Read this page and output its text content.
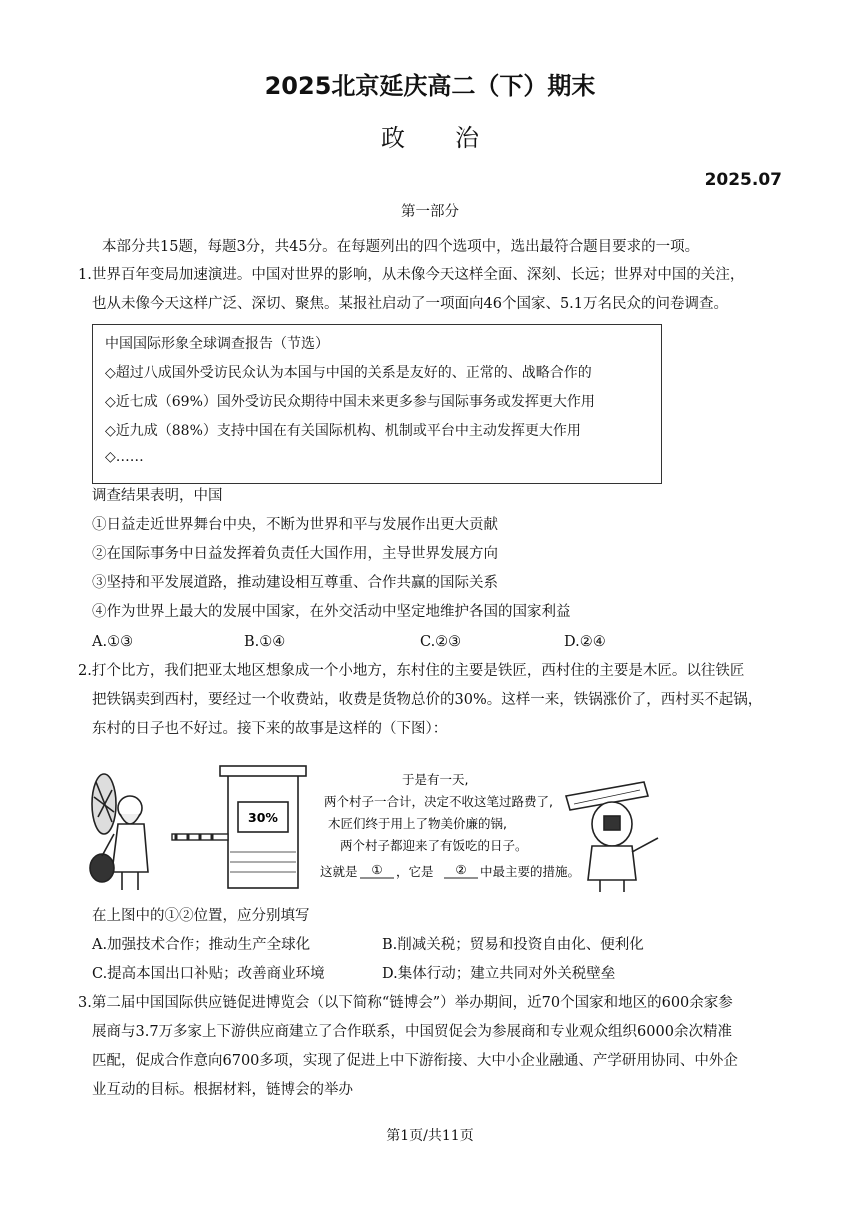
2025北京延庆高二（下）期末
政治
2025.07
第一部分
本部分共15题，每题3分，共45分。在每题列出的四个选项中，选出最符合题目要求的一项。
1.世界百年变局加速演进。中国对世界的影响，从未像今天这样全面、深刻、长远；世界对中国的关注，
也从未像今天这样广泛、深切、聚焦。某报社启动了一项面向46个国家、5.1万名民众的问卷调查。
中国国际形象全球调查报告（节选）
◇超过八成国外受访民众认为本国与中国的关系是友好的、正常的、战略合作的
◇近七成（69%）国外受访民众期待中国未来更多参与国际事务或发挥更大作用
◇近九成（88%）支持中国在有关国际机构、机制或平台中主动发挥更大作用
◇……
调查结果表明，中国
①日益走近世界舞台中央，不断为世界和平与发展作出更大贡献
②在国际事务中日益发挥着负责任大国作用，主导世界发展方向
③坚持和平发展道路，推动建设相互尊重、合作共赢的国际关系
④作为世界上最大的发展中国家，在外交活动中坚定地维护各国的国家利益
A.①③	B.①④	C.②③	D.②④
2.打个比方，我们把亚太地区想象成一个小地方，东村住的主要是铁匠，西村住的主要是木匠。以往铁匠
把铁锅卖到西村，要经过一个收费站，收费是货物总价的30%。这样一来，铁锅涨价了，西村买不起锅，
东村的日子也不好过。接下来的故事是这样的（下图）：
30%
于是有一天,
两个村子一合计，决定不收这笔过路费了,
木匠们终于用上了物美价廉的锅,
两个村子都迎来了有饭吃的日子。
这就是 ① ，它是 ② 中最主要的措施。
在上图中的①②位置，应分别填写
A.加强技术合作；推动生产全球化	B.削减关税；贸易和投资自由化、便利化
C.提高本国出口补贴；改善商业环境	D.集体行动；建立共同对外关税壁垒
3.第二届中国国际供应链促进博览会（以下简称“链博会”）举办期间，近70个国家和地区的600余家参
展商与3.7万多家上下游供应商建立了合作联系，中国贸促会为参展商和专业观众组织6000余次精准
匹配，促成合作意向6700多项，实现了促进上中下游衔接、大中小企业融通、产学研用协同、中外企
业互动的目标。根据材料，链博会的举办
第1页/共11页
